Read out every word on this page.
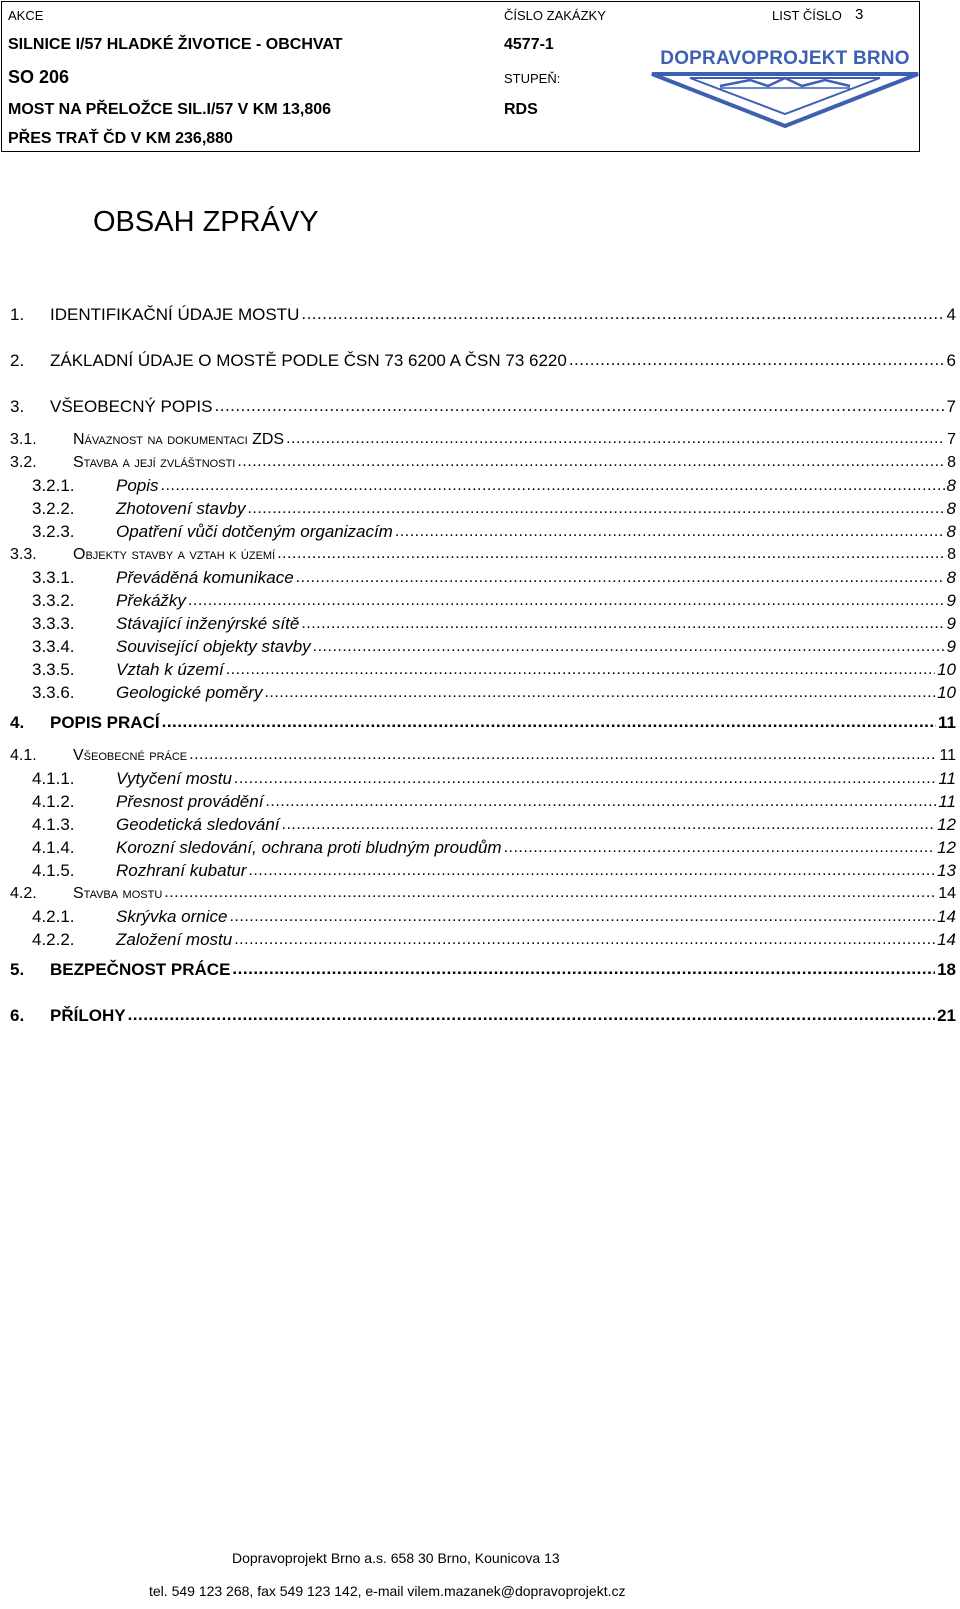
AKCE	ČÍSLO ZAKÁZKY	LIST ČÍSLO 3
SILNICE I/57 HLADKÉ ŽIVOTICE - OBCHVAT	4577-1
SO 206	STUPEŇ:
MOST NA PŘELOŽCE SIL.I/57 V KM 13,806	RDS
PŘES TRAŤ ČD V KM 236,880
DOPRAVOPROJEKT BRNO
OBSAH ZPRÁVY
1.	IDENTIFIKAČNÍ ÚDAJE MOSTU .....	4
2.	ZÁKLADNÍ ÚDAJE O MOSTĚ PODLE ČSN 73 6200 A ČSN 73 6220 .....	6
3.	VŠEOBECNÝ POPIS .....	7
3.1.	Návaznost na dokumentaci ZDS .....	7
3.2.	Stavba a její zvláštnosti .....	8
3.2.1.	Popis .....	8
3.2.2.	Zhotovení stavby .....	8
3.2.3.	Opatření vůči dotčeným organizacím .....	8
3.3.	Objekty stavby a vztah k území .....	8
3.3.1.	Převáděná komunikace .....	8
3.3.2.	Překážky .....	9
3.3.3.	Stávající inženýrské sítě .....	9
3.3.4.	Související objekty stavby .....	9
3.3.5.	Vztah k území .....	10
3.3.6.	Geologické poměry .....	10
4.	POPIS PRACÍ .....	11
4.1.	Všeobecné práce .....	11
4.1.1.	Vytyčení mostu .....	11
4.1.2.	Přesnost provádění .....	11
4.1.3.	Geodetická sledování .....	12
4.1.4.	Korozní sledování, ochrana proti bludným proudům .....	12
4.1.5.	Rozhraní kubatur .....	13
4.2.	Stavba mostu .....	14
4.2.1.	Skrývka ornice .....	14
4.2.2.	Založení mostu .....	14
5.	BEZPEČNOST PRÁCE .....	18
6.	PŘÍLOHY .....	21
Dopravoprojekt Brno a.s. 658 30 Brno, Kounicova 13
tel. 549 123 268, fax 549 123 142, e-mail vilem.mazanek@dopravoprojekt.cz
